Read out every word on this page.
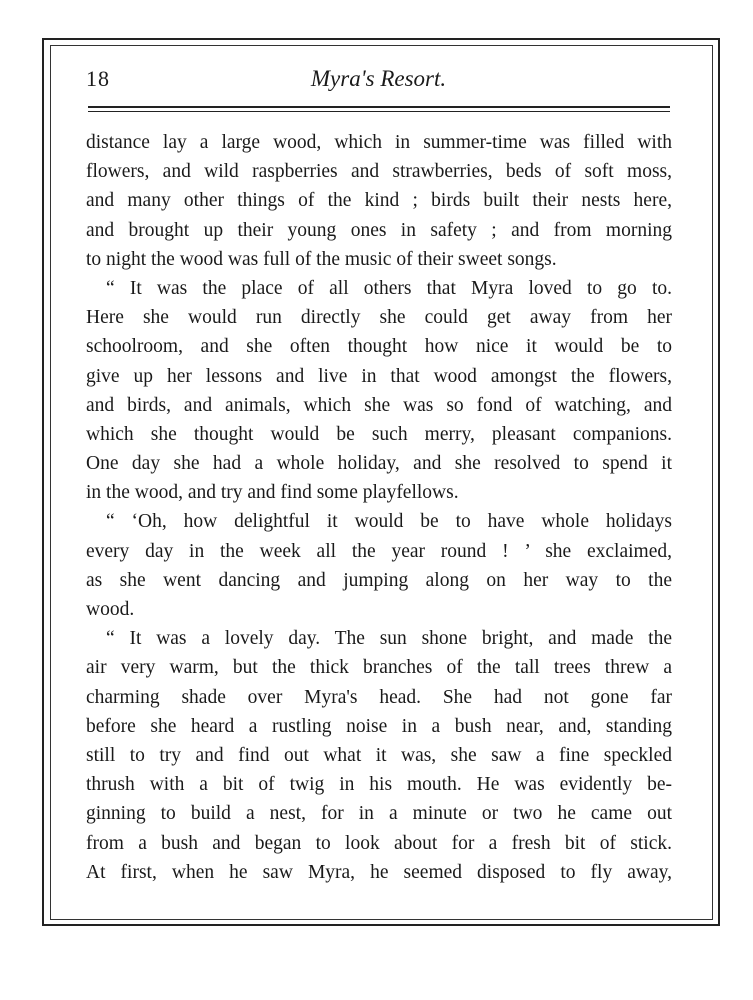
18	Myra's Resort.
distance lay a large wood, which in summer-time was filled with
flowers, and wild raspberries and strawberries, beds of soft moss,
and many other things of the kind ; birds built their nests here,
and brought up their young ones in safety ; and from morning
to night the wood was full of the music of their sweet songs.
“ It was the place of all others that Myra loved to go to.
Here she would run directly she could get away from her
schoolroom, and she often thought how nice it would be to
give up her lessons and live in that wood amongst the flowers,
and birds, and animals, which she was so fond of watching, and
which she thought would be such merry, pleasant companions.
One day she had a whole holiday, and she resolved to spend it
in the wood, and try and find some playfellows.
“ ‘Oh, how delightful it would be to have whole holidays
every day in the week all the year round ! ’ she exclaimed,
as she went dancing and jumping along on her way to the
wood.
“ It was a lovely day. The sun shone bright, and made the
air very warm, but the thick branches of the tall trees threw a
charming shade over Myra's head. She had not gone far
before she heard a rustling noise in a bush near, and, standing
still to try and find out what it was, she saw a fine speckled
thrush with a bit of twig in his mouth. He was evidently be-
ginning to build a nest, for in a minute or two he came out
from a bush and began to look about for a fresh bit of stick.
At first, when he saw Myra, he seemed disposed to fly away,
